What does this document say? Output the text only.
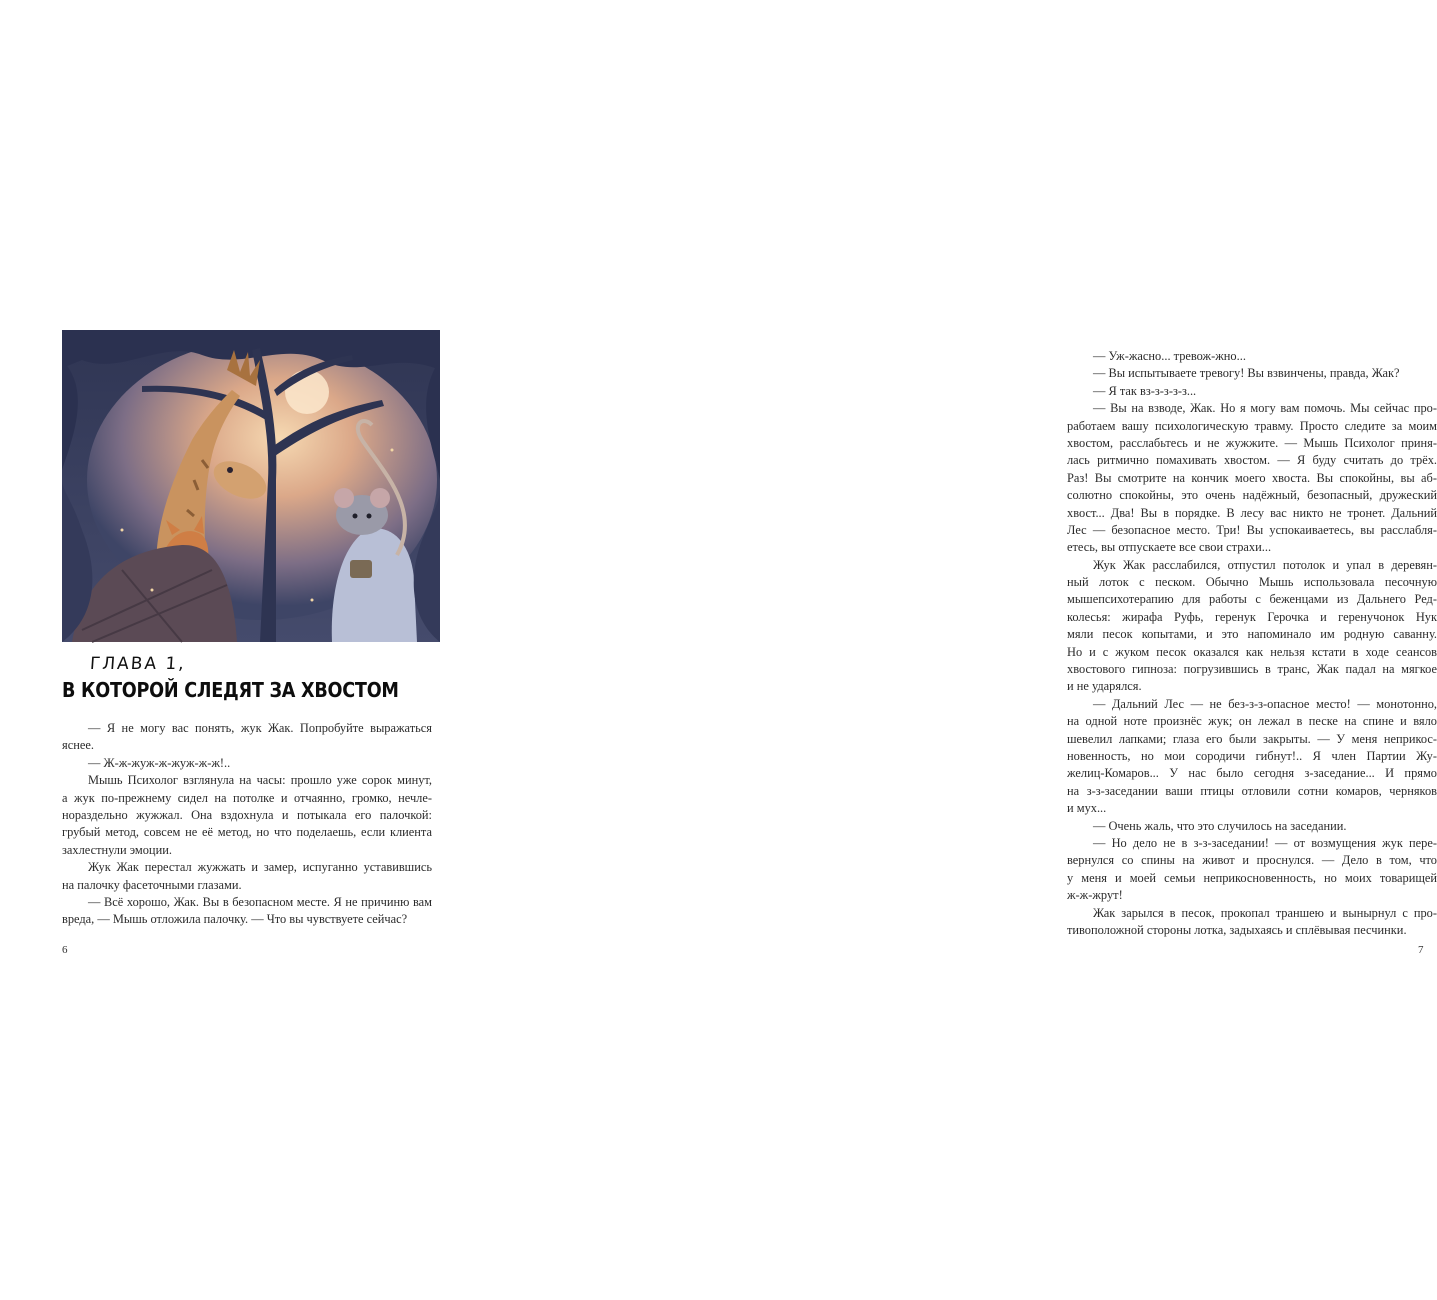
ГЛАВА 1,
В КОТОРОЙ СЛЕДЯТ ЗА ХВОСТОМ
— Я не могу вас понять, жук Жак. Попробуйте выражаться
яснее.
— Ж-ж-жуж-ж-жуж-ж-ж!..
Мышь Психолог взглянула на часы: прошло уже сорок минут,
а жук по-прежнему сидел на потолке и отчаянно, громко, нечле-
нораздельно жужжал. Она вздохнула и потыкала его палочкой:
грубый метод, совсем не её метод, но что поделаешь, если клиента
захлестнули эмоции.
Жук Жак перестал жужжать и замер, испуганно уставившись
на палочку фасеточными глазами.
— Всё хорошо, Жак. Вы в безопасном месте. Я не причиню вам
вреда, — Мышь отложила палочку. — Что вы чувствуете сейчас?
6
— Уж-жасно... тревож-жно...
— Вы испытываете тревогу! Вы взвинчены, правда, Жак?
— Я так вз-з-з-з-з...
— Вы на взводе, Жак. Но я могу вам помочь. Мы сейчас про-
работаем вашу психологическую травму. Просто следите за моим
хвостом, расслабьтесь и не жужжите. — Мышь Психолог приня-
лась ритмично помахивать хвостом. — Я буду считать до трёх.
Раз! Вы смотрите на кончик моего хвоста. Вы спокойны, вы аб-
солютно спокойны, это очень надёжный, безопасный, дружеский
хвост... Два! Вы в порядке. В лесу вас никто не тронет. Дальний
Лес — безопасное место. Три! Вы успокаиваетесь, вы расслабля-
етесь, вы отпускаете все свои страхи...
Жук Жак расслабился, отпустил потолок и упал в деревян-
ный лоток с песком. Обычно Мышь использовала песочную
мышепсихотерапию для работы с беженцами из Дальнего Ред-
колесья: жирафа Руфь, геренук Герочка и геренучонок Нук
мяли песок копытами, и это напоминало им родную саванну.
Но и с жуком песок оказался как нельзя кстати в ходе сеансов
хвостового гипноза: погрузившись в транс, Жак падал на мягкое
и не ударялся.
— Дальний Лес — не без-з-з-опасное место! — монотонно,
на одной ноте произнёс жук; он лежал в песке на спине и вяло
шевелил лапками; глаза его были закрыты. — У меня неприкос-
новенность, но мои сородичи гибнут!.. Я член Партии Жу-
желиц-Комаров... У нас было сегодня з-заседание... И прямо
на з-з-заседании ваши птицы отловили сотни комаров, черняков
и мух...
— Очень жаль, что это случилось на заседании.
— Но дело не в з-з-заседании! — от возмущения жук пере-
вернулся со спины на живот и проснулся. — Дело в том, что
у меня и моей семьи неприкосновенность, но моих товарищей
ж-ж-жрут!
Жак зарылся в песок, прокопал траншею и вынырнул с про-
тивоположной стороны лотка, задыхаясь и сплёвывая песчинки.
7
